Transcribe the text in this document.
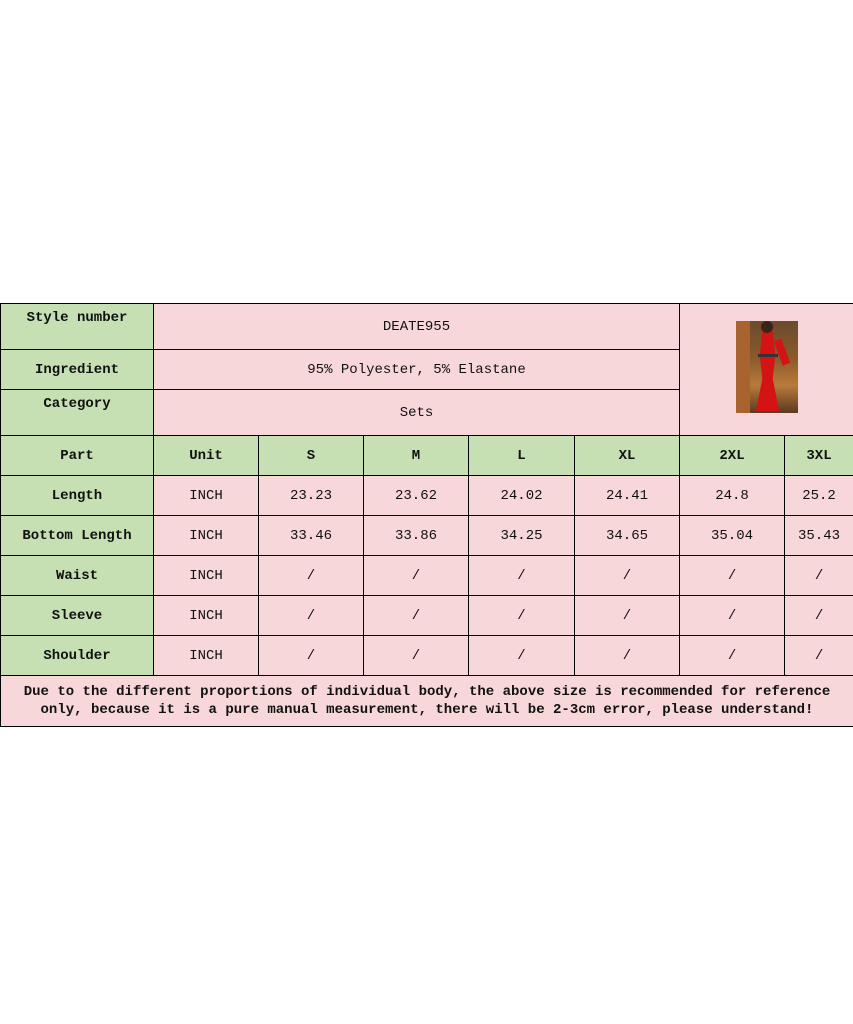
Style number	DEATE955						

Ingredient	95% Polyester, 5% Elastane						
Category	Sets						
Part	Unit	S	M	L	XL	2XL	3XL
Length	INCH	23.23	23.62	24.02	24.41	24.8	25.2
Bottom Length	INCH	33.46	33.86	34.25	34.65	35.04	35.43
Waist	INCH	/	/	/	/	/	/
Sleeve	INCH	/	/	/	/	/	/
Shoulder	INCH	/	/	/	/	/	/
Due to the different proportions of individual body, the above size is recommended for reference only, because it is a pure manual measurement, there will be 2-3cm error, please understand!							
